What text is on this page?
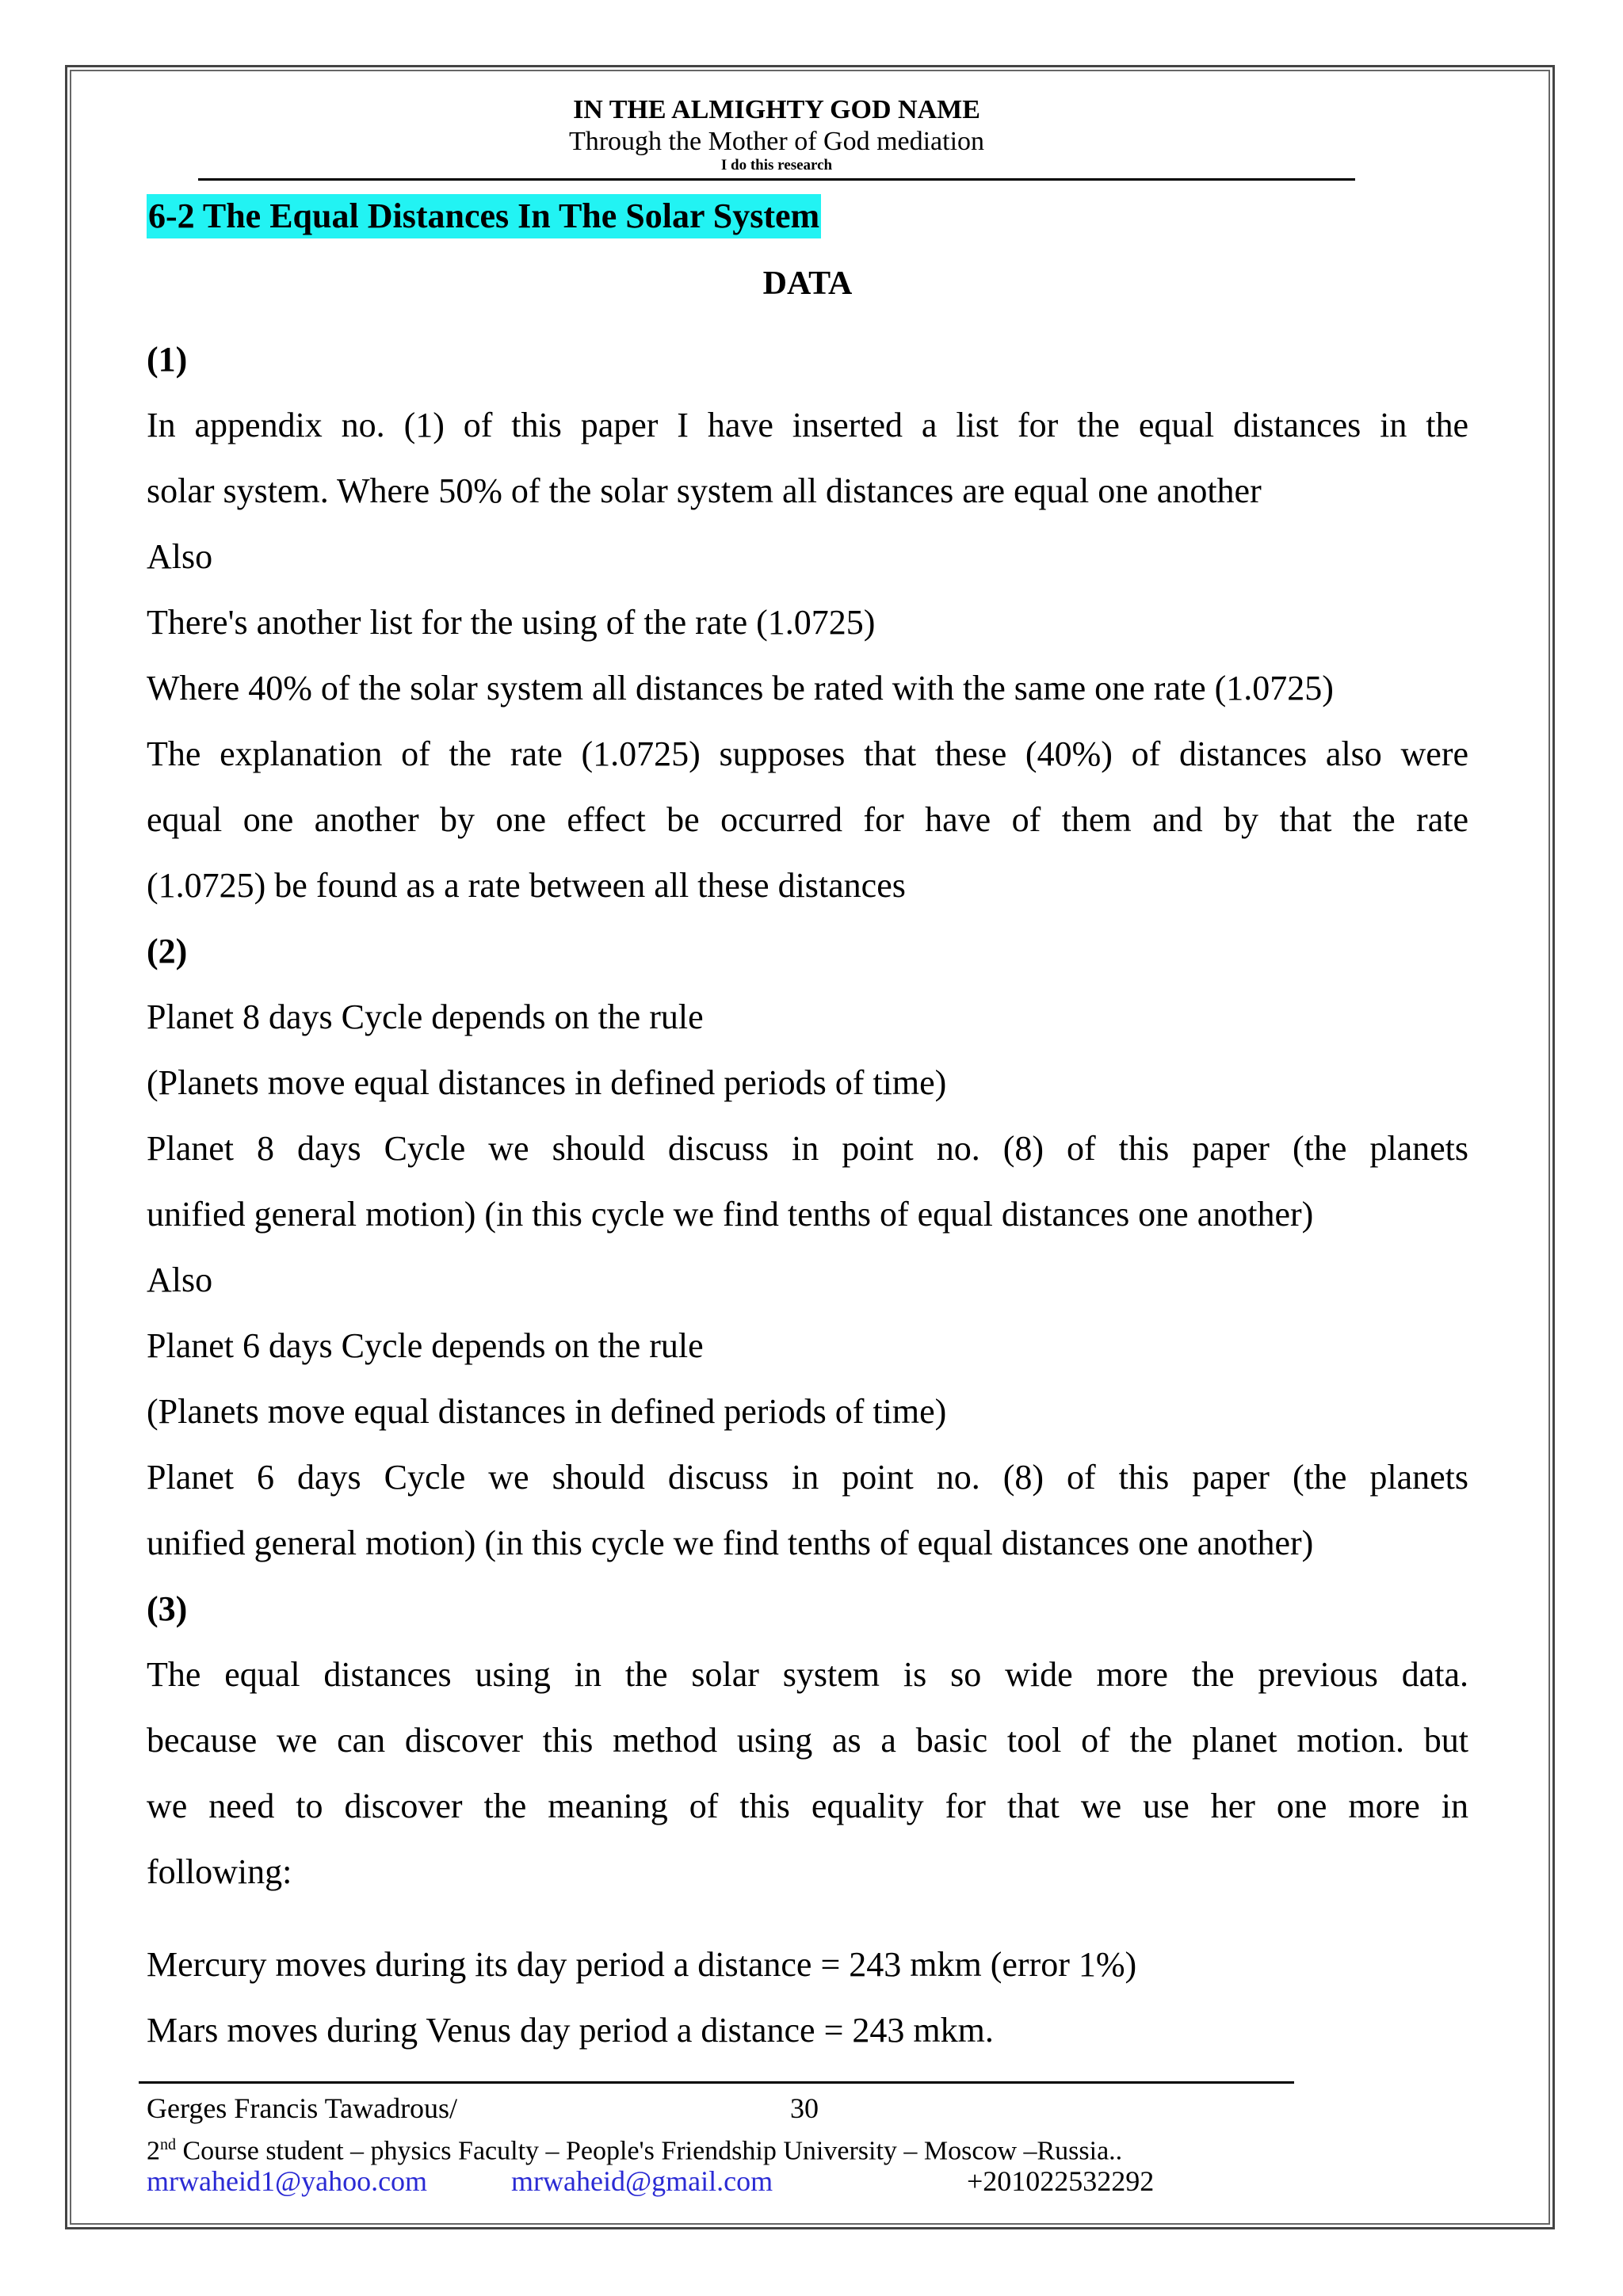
IN THE ALMIGHTY GOD NAME
Through the Mother of God mediation
I do this research
6-2 The Equal Distances In The Solar System
DATA
(1)
In appendix no. (1) of this paper I have inserted a list for the equal distances in the
solar system. Where 50% of the solar system all distances are equal one another
Also
There's another list for the using of the rate (1.0725)
Where 40% of the solar system all distances be rated with the same one rate (1.0725)
The explanation of the rate (1.0725) supposes that these (40%) of distances also were
equal one another by one effect be occurred for have of them and by that the rate
(1.0725) be found as a rate between all these distances
(2)
Planet 8 days Cycle depends on the rule
(Planets move equal distances in defined periods of time)
Planet 8 days Cycle we should discuss in point no. (8) of this paper (the planets
unified general motion) (in this cycle we find tenths of equal distances one another)
Also
Planet 6 days Cycle depends on the rule
(Planets move equal distances in defined periods of time)
Planet 6 days Cycle we should discuss in point no. (8) of this paper (the planets
unified general motion) (in this cycle we find tenths of equal distances one another)
(3)
The equal distances using in the solar system is so wide more the previous data.
because we can discover this method using as a basic tool of the planet motion. but
we need to discover the meaning of this equality for that we use her one more in
following:
Mercury moves during its day period a distance = 243 mkm (error 1%)
Mars moves during Venus day period a distance = 243 mkm.
Gerges Francis Tawadrous/	30
2nd Course student – physics Faculty – People's Friendship University – Moscow –Russia..
mrwaheid1@yahoo.com	mrwaheid@gmail.com	+201022532292
